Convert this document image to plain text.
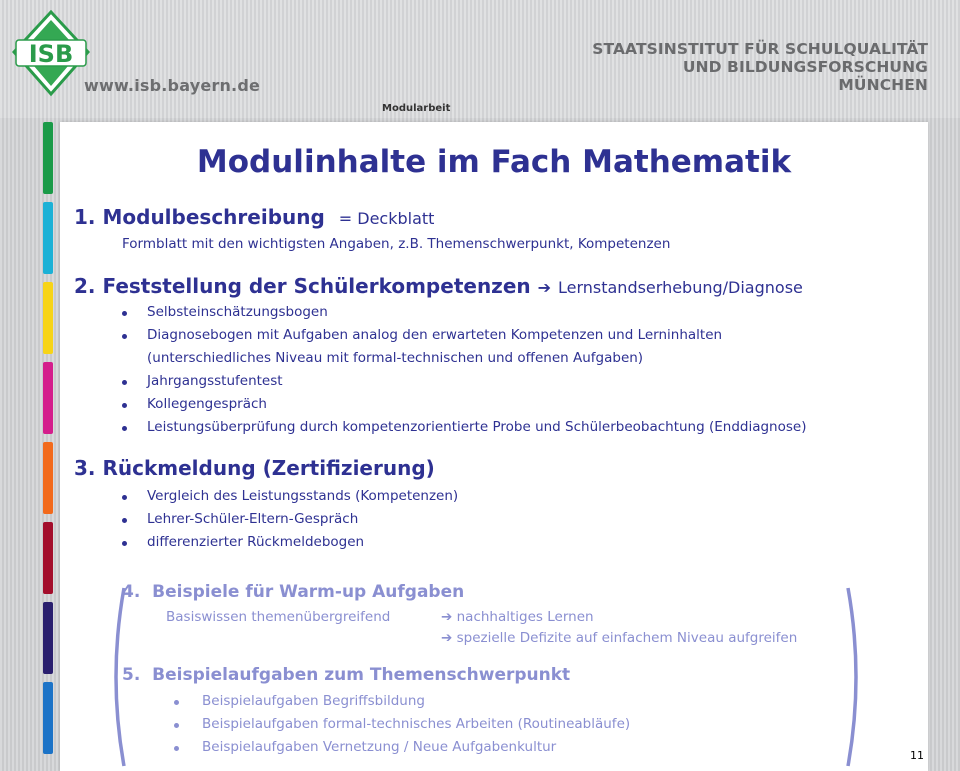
ISB
www.isb.bayern.de
STAATSINSTITUT FÜR SCHULQUALITÄT
UND BILDUNGSFORSCHUNG
MÜNCHEN
Modularbeit
Modulinhalte im Fach Mathematik
1. Modulbeschreibung = Deckblatt
Formblatt mit den wichtigsten Angaben, z.B. Themenschwerpunkt, Kompetenzen
2. Feststellung der Schülerkompetenzen ➔ Lernstandserhebung/Diagnose
Selbsteinschätzungsbogen
Diagnosebogen mit Aufgaben analog den erwarteten Kompetenzen und Lerninhalten
(unterschiedliches Niveau mit formal-technischen und offenen Aufgaben)
Jahrgangsstufentest
Kollegengespräch
Leistungsüberprüfung durch kompetenzorientierte Probe und Schülerbeobachtung (Enddiagnose)
3. Rückmeldung (Zertifizierung)
Vergleich des Leistungsstands (Kompetenzen)
Lehrer-Schüler-Eltern-Gespräch
differenzierter Rückmeldebogen
4. Beispiele für Warm-up Aufgaben
Basiswissen themenübergreifend	➔ nachhaltiges Lernen
➔ spezielle Defizite auf einfachem Niveau aufgreifen
5. Beispielaufgaben zum Themenschwerpunkt
Beispielaufgaben Begriffsbildung
Beispielaufgaben formal-technisches Arbeiten (Routineabläufe)
Beispielaufgaben Vernetzung / Neue Aufgabenkultur
11
